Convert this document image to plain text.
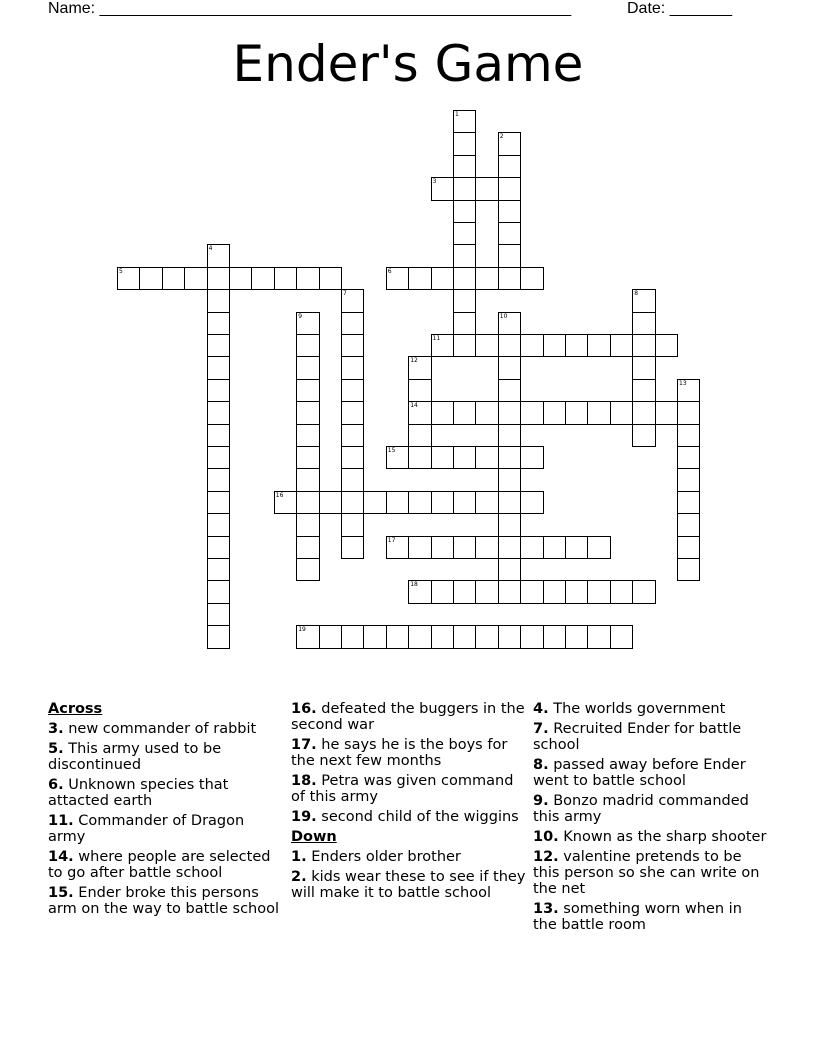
Name: _____________________________________________________	Date: _______
Ender's Game
1
2
3
4
5	6
7	8
9	10
11
12
14
13
15
16
17
18
19
Across
3. new commander of rabbit
5. This army used to be discontinued
6. Unknown species that attacted earth
11. Commander of Dragon army
14. where people are selected to go after battle school
15. Ender broke this persons arm on the way to battle school
16. defeated the buggers in the second war
17. he says he is the boys for the next few months
18. Petra was given command of this army
19. second child of the wiggins
Down
1. Enders older brother
2. kids wear these to see if they will make it to battle school
4. The worlds government
7. Recruited Ender for battle school
8. passed away before Ender went to battle school
9. Bonzo madrid commanded this army
10. Known as the sharp shooter
12. valentine pretends to be this person so she can write on the net
13. something worn when in the battle room
